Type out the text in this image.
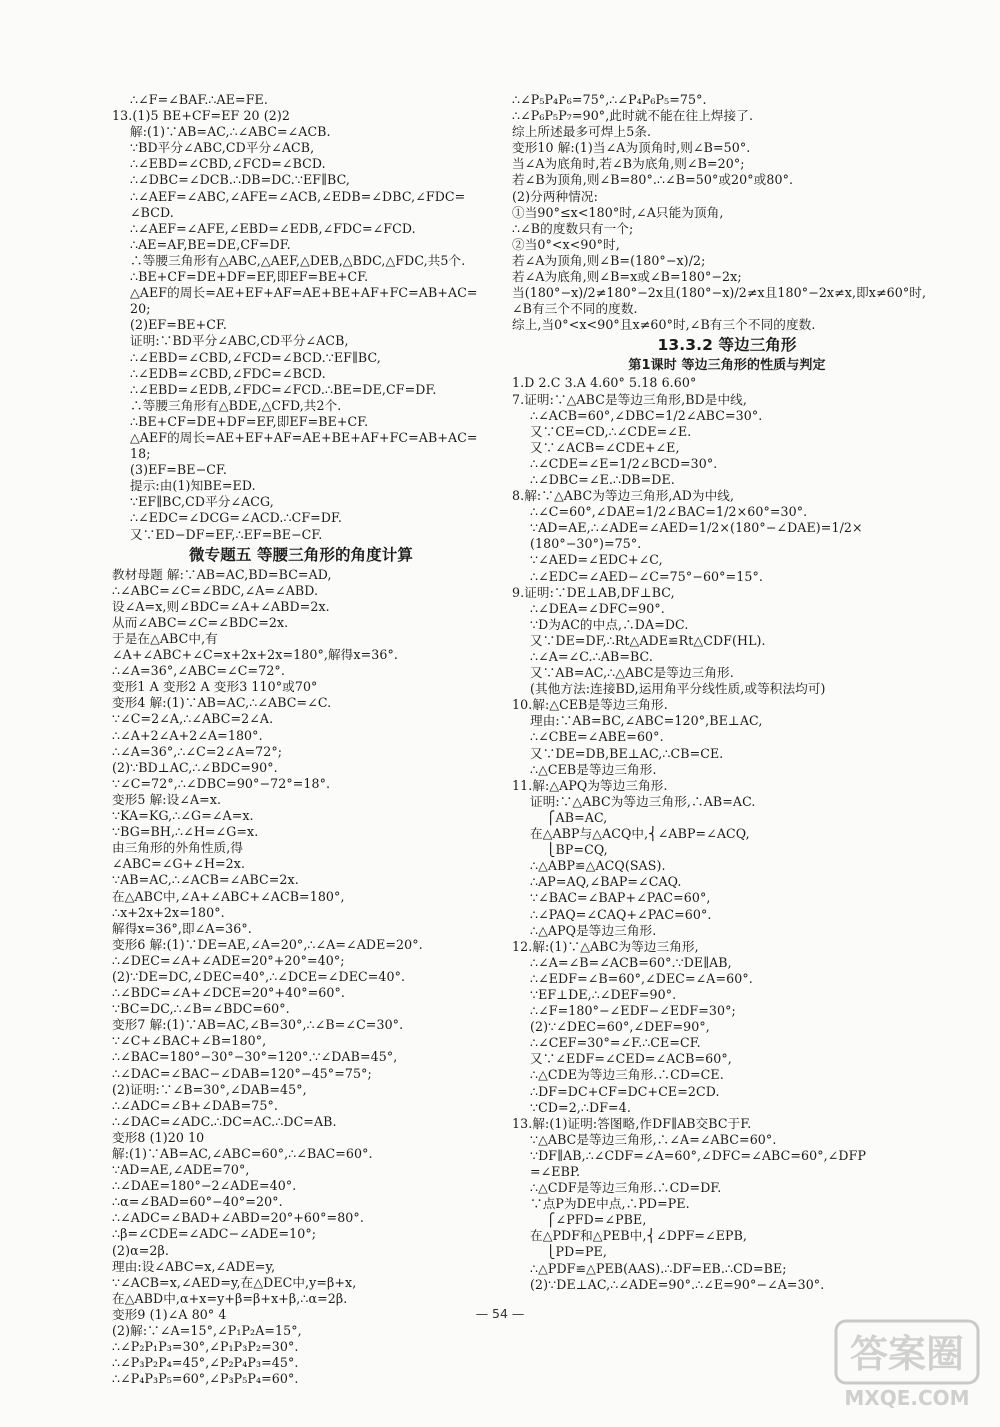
∴∠F=∠BAF.∴AE=FE.
13.(1)5 BE+CF=EF 20 (2)2
解:(1)∵AB=AC,∴∠ABC=∠ACB.
∵BD平分∠ABC,CD平分∠ACB,
∴∠EBD=∠CBD,∠FCD=∠BCD.
∴∠DBC=∠DCB.∴DB=DC.∵EF∥BC,
∴∠AEF=∠ABC,∠AFE=∠ACB,∠EDB=∠DBC,∠FDC=
∠BCD.
∴∠AEF=∠AFE,∠EBD=∠EDB,∠FDC=∠FCD.
∴AE=AF,BE=DE,CF=DF.
∴等腰三角形有△ABC,△AEF,△DEB,△BDC,△FDC,共5个.
∴BE+CF=DE+DF=EF,即EF=BE+CF.
△AEF的周长=AE+EF+AF=AE+BE+AF+FC=AB+AC=
20;
(2)EF=BE+CF.
证明:∵BD平分∠ABC,CD平分∠ACB,
∴∠EBD=∠CBD,∠FCD=∠BCD.∵EF∥BC,
∴∠EDB=∠CBD,∠FDC=∠BCD.
∴∠EBD=∠EDB,∠FDC=∠FCD.∴BE=DE,CF=DF.
∴等腰三角形有△BDE,△CFD,共2个.
∴BE+CF=DE+DF=EF,即EF=BE+CF.
△AEF的周长=AE+EF+AF=AE+BE+AF+FC=AB+AC=
18;
(3)EF=BE−CF.
提示:由(1)知BE=ED.
∵EF∥BC,CD平分∠ACG,
∴∠EDC=∠DCG=∠ACD.∴CF=DF.
又∵ED−DF=EF,∴EF=BE−CF.
微专题五 等腰三角形的角度计算
教材母题 解:∵AB=AC,BD=BC=AD,
∴∠ABC=∠C=∠BDC,∠A=∠ABD.
设∠A=x,则∠BDC=∠A+∠ABD=2x.
从而∠ABC=∠C=∠BDC=2x.
于是在△ABC中,有
∠A+∠ABC+∠C=x+2x+2x=180°,解得x=36°.
∴∠A=36°,∠ABC=∠C=72°.
变形1 A 变形2 A 变形3 110°或70°
变形4 解:(1)∵AB=AC,∴∠ABC=∠C.
∵∠C=2∠A,∴∠ABC=2∠A.
∴∠A+2∠A+2∠A=180°.
∴∠A=36°,∴∠C=2∠A=72°;
(2)∵BD⊥AC,∴∠BDC=90°.
∵∠C=72°,∴∠DBC=90°−72°=18°.
变形5 解:设∠A=x.
∵KA=KG,∴∠G=∠A=x.
∵BG=BH,∴∠H=∠G=x.
由三角形的外角性质,得
∠ABC=∠G+∠H=2x.
∵AB=AC,∴∠ACB=∠ABC=2x.
在△ABC中,∠A+∠ABC+∠ACB=180°,
∴x+2x+2x=180°.
解得x=36°,即∠A=36°.
变形6 解:(1)∵DE=AE,∠A=20°,∴∠A=∠ADE=20°.
∴∠DEC=∠A+∠ADE=20°+20°=40°;
(2)∵DE=DC,∠DEC=40°,∴∠DCE=∠DEC=40°.
∴∠BDC=∠A+∠DCE=20°+40°=60°.
∵BC=DC,∴∠B=∠BDC=60°.
变形7 解:(1)∵AB=AC,∠B=30°,∴∠B=∠C=30°.
∵∠C+∠BAC+∠B=180°,
∴∠BAC=180°−30°−30°=120°.∵∠DAB=45°,
∴∠DAC=∠BAC−∠DAB=120°−45°=75°;
(2)证明:∵∠B=30°,∠DAB=45°,
∴∠ADC=∠B+∠DAB=75°.
∴∠DAC=∠ADC.∴DC=AC.∴DC=AB.
变形8 (1)20 10
解:(1)∵AB=AC,∠ABC=60°,∴∠BAC=60°.
∵AD=AE,∠ADE=70°,
∴∠DAE=180°−2∠ADE=40°.
∴α=∠BAD=60°−40°=20°.
∴∠ADC=∠BAD+∠ABD=20°+60°=80°.
∴β=∠CDE=∠ADC−∠ADE=10°;
(2)α=2β.
理由:设∠ABC=x,∠ADE=y,
∵∠ACB=x,∠AED=y,在△DEC中,y=β+x,
在△ABD中,α+x=y+β=β+x+β,∴α=2β.
变形9 (1)∠A 80° 4
(2)解:∵∠A=15°,∠P₁P₂A=15°,
∴∠P₂P₁P₃=30°,∠P₁P₃P₂=30°.
∴∠P₃P₂P₄=45°,∠P₂P₄P₃=45°.
∴∠P₄P₃P₅=60°,∠P₃P₅P₄=60°.
∴∠P₅P₄P₆=75°,∴∠P₄P₆P₅=75°.
∴∠P₆P₅P₇=90°,此时就不能在往上焊接了.
综上所述最多可焊上5条.
变形10 解:(1)当∠A为顶角时,则∠B=50°.
当∠A为底角时,若∠B为底角,则∠B=20°;
若∠B为顶角,则∠B=80°.∴∠B=50°或20°或80°.
(2)分两种情况:
①当90°≤x<180°时,∠A只能为顶角,
∴∠B的度数只有一个;
②当0°<x<90°时,
若∠A为顶角,则∠B=(180°−x)/2;
若∠A为底角,则∠B=x或∠B=180°−2x;
当(180°−x)/2≠180°−2x且(180°−x)/2≠x且180°−2x≠x,即x≠60°时,
∠B有三个不同的度数.
综上,当0°<x<90°且x≠60°时,∠B有三个不同的度数.
13.3.2 等边三角形
第1课时 等边三角形的性质与判定
1.D 2.C 3.A 4.60° 5.18 6.60°
7.证明:∵△ABC是等边三角形,BD是中线,
∴∠ACB=60°,∠DBC=1/2∠ABC=30°.
又∵CE=CD,∴∠CDE=∠E.
又∵∠ACB=∠CDE+∠E,
∴∠CDE=∠E=1/2∠BCD=30°.
∴∠DBC=∠E.∴DB=DE.
8.解:∵△ABC为等边三角形,AD为中线,
∴∠C=60°,∠DAE=1/2∠BAC=1/2×60°=30°.
∵AD=AE,∴∠ADE=∠AED=1/2×(180°−∠DAE)=1/2×
(180°−30°)=75°.
∵∠AED=∠EDC+∠C,
∴∠EDC=∠AED−∠C=75°−60°=15°.
9.证明:∵DE⊥AB,DF⊥BC,
∴∠DEA=∠DFC=90°.
∵D为AC的中点,∴DA=DC.
又∵DE=DF,∴Rt△ADE≌Rt△CDF(HL).
∴∠A=∠C.∴AB=BC.
又∵AB=AC,∴△ABC是等边三角形.
(其他方法:连接BD,运用角平分线性质,或等积法均可)
10.解:△CEB是等边三角形.
理由:∵AB=BC,∠ABC=120°,BE⊥AC,
∴∠CBE=∠ABE=60°.
又∵DE=DB,BE⊥AC,∴CB=CE.
∴△CEB是等边三角形.
11.解:△APQ为等边三角形.
证明:∵△ABC为等边三角形,∴AB=AC.
⎧AB=AC,
在△ABP与△ACQ中,⎨∠ABP=∠ACQ,
⎩BP=CQ,
∴△ABP≌△ACQ(SAS).
∴AP=AQ,∠BAP=∠CAQ.
∵∠BAC=∠BAP+∠PAC=60°,
∴∠PAQ=∠CAQ+∠PAC=60°.
∴△APQ是等边三角形.
12.解:(1)∵△ABC为等边三角形,
∴∠A=∠B=∠ACB=60°.∵DE∥AB,
∴∠EDF=∠B=60°,∠DEC=∠A=60°.
∵EF⊥DE,∴∠DEF=90°.
∴∠F=180°−∠EDF−∠EDF=30°;
(2)∵∠DEC=60°,∠DEF=90°,
∴∠CEF=30°=∠F.∴CE=CF.
又∵∠EDF=∠CED=∠ACB=60°,
∴△CDE为等边三角形.∴CD=CE.
∴DF=DC+CF=DC+CE=2CD.
∵CD=2,∴DF=4.
13.解:(1)证明:答图略,作DF∥AB交BC于F.
∵△ABC是等边三角形,∴∠A=∠ABC=60°.
∵DF∥AB,∴∠CDF=∠A=60°,∠DFC=∠ABC=60°,∠DFP
=∠EBP.
∴△CDF是等边三角形.∴CD=DF.
∵点P为DE中点,∴PD=PE.
⎧∠PFD=∠PBE,
在△PDF和△PEB中,⎨∠DPF=∠EPB,
⎩PD=PE,
∴△PDF≌△PEB(AAS).∴DF=EB.∴CD=BE;
(2)∵DE⊥AC,∴∠ADE=90°.∴∠E=90°−∠A=30°.
— 54 —
答案圈
MXQE.COM
